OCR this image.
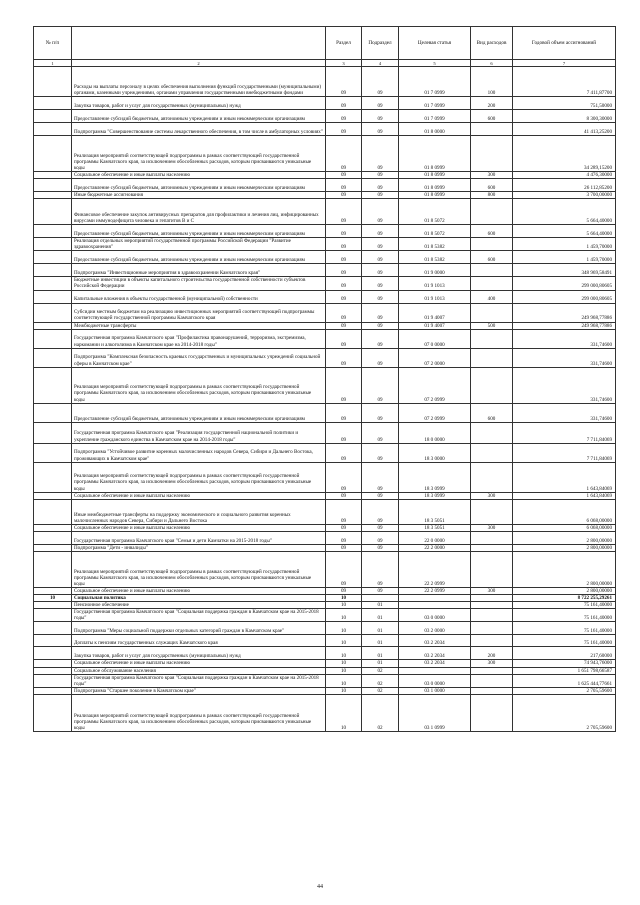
№ п/п		Раздел	Подраздел	Целевая статья	Вид расходов	Годовой объем ассигнований
1	2	3	4	5	6	7
	Расходы на выплаты персоналу в целях обеспечения выполнения функций государственными (муниципальными) органами, казенными учреждениями, органами управления государственными внебюджетными фондами	09	09	01 7 0999	100	7 411,87700
	Закупка товаров, работ и услуг для государственных (муниципальных) нужд	09	09	01 7 0999	200	751,50000
	Предоставление субсидий бюджетным, автономным учреждениям и иным некоммерческим организациям	09	09	01 7 0999	600	8 300,30000
	Подпрограмма "Совершенствование системы лекарственного обеспечения, в том числе в амбулаторных условиях"	09	09	01 8 0000		41 413,25200
	Реализация мероприятий соответствующей подпрограммы в рамках соответствующей государственной программы Камчатского края, за исключением обособленных расходов, которым присваиваются уникальные коды	09	09	01 8 0999		34 289,15200
	Социальное обеспечение и иные выплаты населению	09	09	01 8 0999	300	4 476,30000
	Предоставление субсидий бюджетным, автономным учреждениям и иным некоммерческим организациям	09	09	01 8 0999	600	26 112,85200
	Иные бюджетные ассигнования	09	09	01 8 0999	800	3 700,00000
	Финансовое обеспечение закупок антивирусных препаратов для профилактики и лечения лиц, инфицированных вирусами иммунодефицита человека и гепатитов В и С	09	09	01 8 5072		5 664,40000
	Предоставление субсидий бюджетным, автономным учреждениям и иным некоммерческим организациям	09	09	01 8 5072	600	5 664,40000
	Реализация отдельных мероприятий государственной программы Российской Федерации "Развитие здравоохранения"	09	09	01 8 5382		1 459,70000
	Предоставление субсидий бюджетным, автономным учреждениям и иным некоммерческим организациям	09	09	01 8 5382	600	1 459,70000
	Подпрограмма "Инвестиционные мероприятия в здравоохранении Камчатского края"	09	09	01 9 0000		348 969,58491
	Бюджетные инвестиции в объекты капитального строительства государственной собственности субъектов Российской Федерации	09	09	01 9 1013		299 000,80605
	Капитальные вложения в объекты государственной (муниципальной) собственности	09	09	01 9 1013	400	299 000,80605
	Субсидии местным бюджетам на реализацию инвестиционных мероприятий соответствующей подпрограммы соответствующей государственной программы Камчатского края	09	09	01 9 4007		249 968,77886
	Межбюджетные трансферты	09	09	01 9 4007	500	249 968,77886
	Государственная программа Камчатского края "Профилактика правонарушений, терроризма, экстремизма, наркомании и алкоголизма в Камчатском крае на 2014-2018 годы"	09	09	07 0 0000		331,74600
	Подпрограмма "Комплексная безопасность краевых государственных и муниципальных учреждений социальной сферы в Камчатском крае"	09	09	07 2 0000		331,74600
	Реализация мероприятий соответствующей подпрограммы в рамках соответствующей государственной программы Камчатского края, за исключением обособленных расходов, которым присваиваются уникальные коды	09	09	07 2 0999		331,74600
	Предоставление субсидий бюджетным, автономным учреждениям и иным некоммерческим организациям	09	09	07 2 0999	600	331,74600
	Государственная программа Камчатского края "Реализация государственной национальной политики и укрепление гражданского единства в Камчатском крае на 2014-2018 годы"	09	09	18 0 0000		7 711,84069
	Подпрограмма "Устойчивое развитие коренных малочисленных народов Севера, Сибири и Дальнего Востока, проживающих в Камчатском крае"	09	09	18 3 0000		7 711,84069
	Реализация мероприятий соответствующей подпрограммы в рамках соответствующей государственной программы Камчатского края, за исключением обособленных расходов, которым присваиваются уникальные коды	09	09	18 3 0999		1 643,84069
	Социальное обеспечение и иные выплаты населению	09	09	18 3 0999	300	1 643,84069
	Иные межбюджетные трансферты на поддержку экономического и социального развития коренных малочисленных народов Севера, Сибири и Дальнего Востока	09	09	18 3 5051		6 068,00000
	Социальное обеспечение и иные выплаты населению	09	09	18 3 5051	300	6 068,00000
	Государственная программа Камчатского края "Семья и дети Камчатки на 2015-2018 годы"	09	09	22 0 0000		2 800,00000
	Подпрограмма "Дети - инвалиды"	09	09	22 2 0000		2 800,00000
	Реализация мероприятий соответствующей подпрограммы в рамках соответствующей государственной программы Камчатского края, за исключением обособленных расходов, которым присваиваются уникальные коды	09	09	22 2 0999		2 800,00000
	Социальное обеспечение и иные выплаты населению	09	09	22 2 0999	300	2 800,00000
10	Социальная политика	10				8 722 255,29261
	Пенсионное обеспечение	10	01			75 161,40000
	Государственная программа Камчатского края "Социальная поддержка граждан в Камчатском крае на 2015-2018 годы"	10	01	03 0 0000		75 161,40000
	Подпрограмма "Меры социальной поддержки отдельных категорий граждан в Камчатском крае"	10	01	03 2 0000		75 161,40000
	Доплаты к пенсиям государственных служащих Камчатского края	10	01	03 2 2034		75 161,40000
	Закупка товаров, работ и услуг для государственных (муниципальных) нужд	10	01	03 2 2034	200	217,60000
	Социальное обеспечение и иные выплаты населению	10	01	03 2 2034	300	74 943,76000
	Социальное обслуживание населения	10	02			1 651 798,66587
	Государственная программа Камчатского края "Социальная поддержка граждан в Камчатском крае на 2015-2018 годы"	10	02	03 0 0000		1 625 444,77661
	Подпрограмма "Старшее поколение в Камчатском крае"	10	02	03 1 0000		2 705,59600
	Реализация мероприятий соответствующей подпрограммы в рамках соответствующей государственной программы Камчатского края, за исключением обособленных расходов, которым присваиваются уникальные коды	10	02	03 1 0999		2 705,59600
44
